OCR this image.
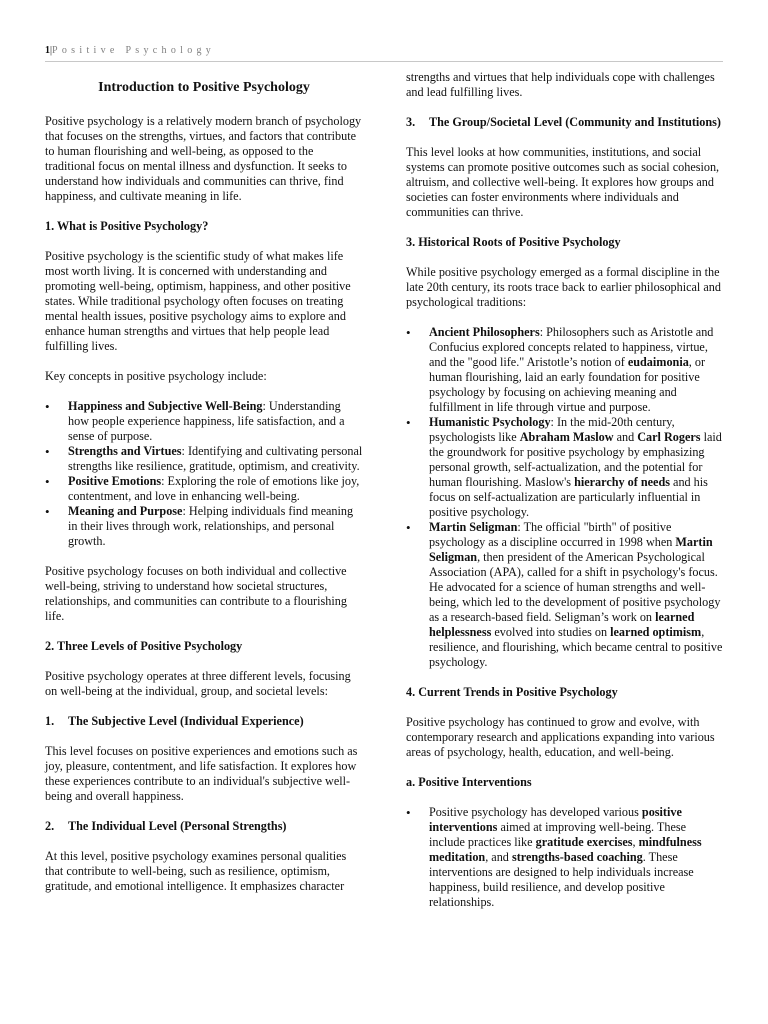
1|Positive Psychology
Introduction to Positive Psychology

Positive psychology is a relatively modern branch of psychology that focuses on the strengths, virtues, and factors that contribute to human flourishing and well-being, as opposed to the traditional focus on mental illness and dysfunction. It seeks to understand how individuals and communities can thrive, find happiness, and cultivate meaning in life.

1. What is Positive Psychology?

Positive psychology is the scientific study of what makes life most worth living. It is concerned with understanding and promoting well-being, optimism, happiness, and other positive states. While traditional psychology often focuses on treating mental health issues, positive psychology aims to explore and enhance human strengths and virtues that help people lead fulfilling lives.

Key concepts in positive psychology include:

• Happiness and Subjective Well-Being: Understanding how people experience happiness, life satisfaction, and a sense of purpose.
• Strengths and Virtues: Identifying and cultivating personal strengths like resilience, gratitude, optimism, and creativity.
• Positive Emotions: Exploring the role of emotions like joy, contentment, and love in enhancing well-being.
• Meaning and Purpose: Helping individuals find meaning in their lives through work, relationships, and personal growth.

Positive psychology focuses on both individual and collective well-being, striving to understand how societal structures, relationships, and communities can contribute to a flourishing life.

2. Three Levels of Positive Psychology

Positive psychology operates at three different levels, focusing on well-being at the individual, group, and societal levels:

1.	The Subjective Level (Individual Experience)

This level focuses on positive experiences and emotions such as joy, pleasure, contentment, and life satisfaction. It explores how these experiences contribute to an individual's subjective well-being and overall happiness.

2.	The Individual Level (Personal Strengths)

At this level, positive psychology examines personal qualities that contribute to well-being, such as resilience, optimism, gratitude, and emotional intelligence. It emphasizes character

strengths and virtues that help individuals cope with challenges and lead fulfilling lives.

3.	The Group/Societal Level (Community and Institutions)

This level looks at how communities, institutions, and social systems can promote positive outcomes such as social cohesion, altruism, and collective well-being. It explores how groups and societies can foster environments where individuals and communities can thrive.

3. Historical Roots of Positive Psychology

While positive psychology emerged as a formal discipline in the late 20th century, its roots trace back to earlier philosophical and psychological traditions:

• Ancient Philosophers: Philosophers such as Aristotle and Confucius explored concepts related to happiness, virtue, and the "good life." Aristotle’s notion of eudaimonia, or human flourishing, laid an early foundation for positive psychology by focusing on achieving meaning and fulfillment in life through virtue and purpose.
• Humanistic Psychology: In the mid-20th century, psychologists like Abraham Maslow and Carl Rogers laid the groundwork for positive psychology by emphasizing personal growth, self-actualization, and the potential for human flourishing. Maslow's hierarchy of needs and his focus on self-actualization are particularly influential in positive psychology.
• Martin Seligman: The official "birth" of positive psychology as a discipline occurred in 1998 when Martin Seligman, then president of the American Psychological Association (APA), called for a shift in psychology's focus. He advocated for a science of human strengths and well-being, which led to the development of positive psychology as a research-based field. Seligman’s work on learned helplessness evolved into studies on learned optimism, resilience, and flourishing, which became central to positive psychology.
4. Current Trends in Positive Psychology

Positive psychology has continued to grow and evolve, with contemporary research and applications expanding into various areas of psychology, health, education, and well-being.

a. Positive Interventions
• Positive psychology has developed various positive interventions aimed at improving well-being. These include practices like gratitude exercises, mindfulness meditation, and strengths-based coaching. These interventions are designed to help individuals increase happiness, build resilience, and develop positive relationships.
